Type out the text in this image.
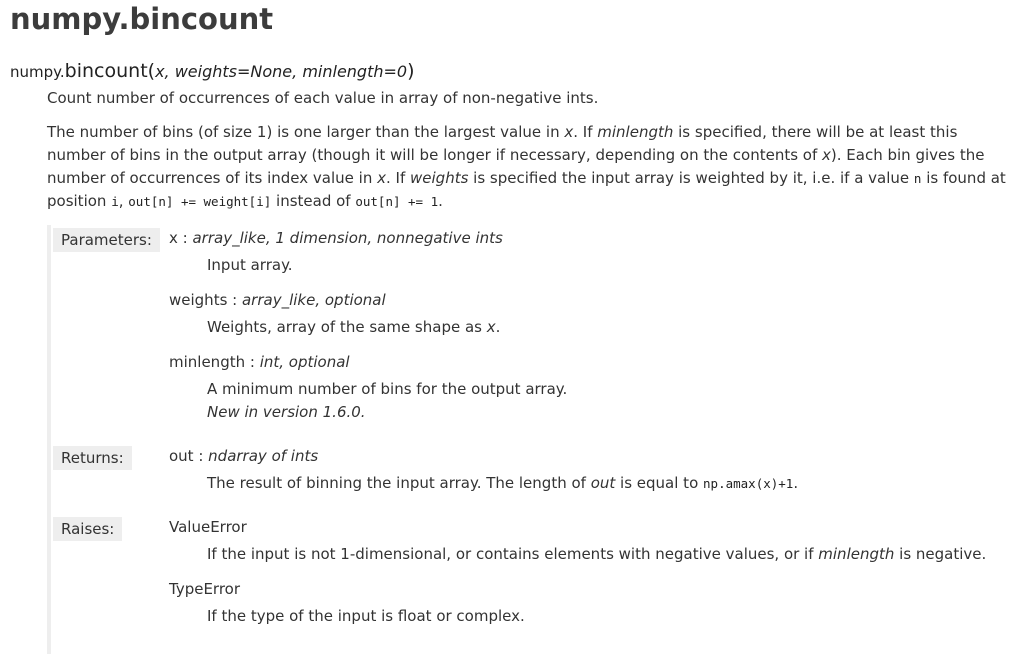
numpy.bincount
numpy.bincount(x, weights=None, minlength=0)
Count number of occurrences of each value in array of non-negative ints.

The number of bins (of size 1) is one larger than the largest value in x. If minlength is specified, there will be at least this
number of bins in the output array (though it will be longer if necessary, depending on the contents of x). Each bin gives the
number of occurrences of its index value in x. If weights is specified the input array is weighted by it, i.e. if a value n is found at
position i, out[n] += weight[i] instead of out[n] += 1.

Parameters:	x : array_like, 1 dimension, nonnegative ints
Input array.
weights : array_like, optional
Weights, array of the same shape as x.
minlength : int, optional
A minimum number of bins for the output array.
New in version 1.6.0.
Returns:	out : ndarray of ints
The result of binning the input array. The length of out is equal to np.amax(x)+1.
Raises:	ValueError
If the input is not 1-dimensional, or contains elements with negative values, or if minlength is negative.
TypeError
If the type of the input is float or complex.
